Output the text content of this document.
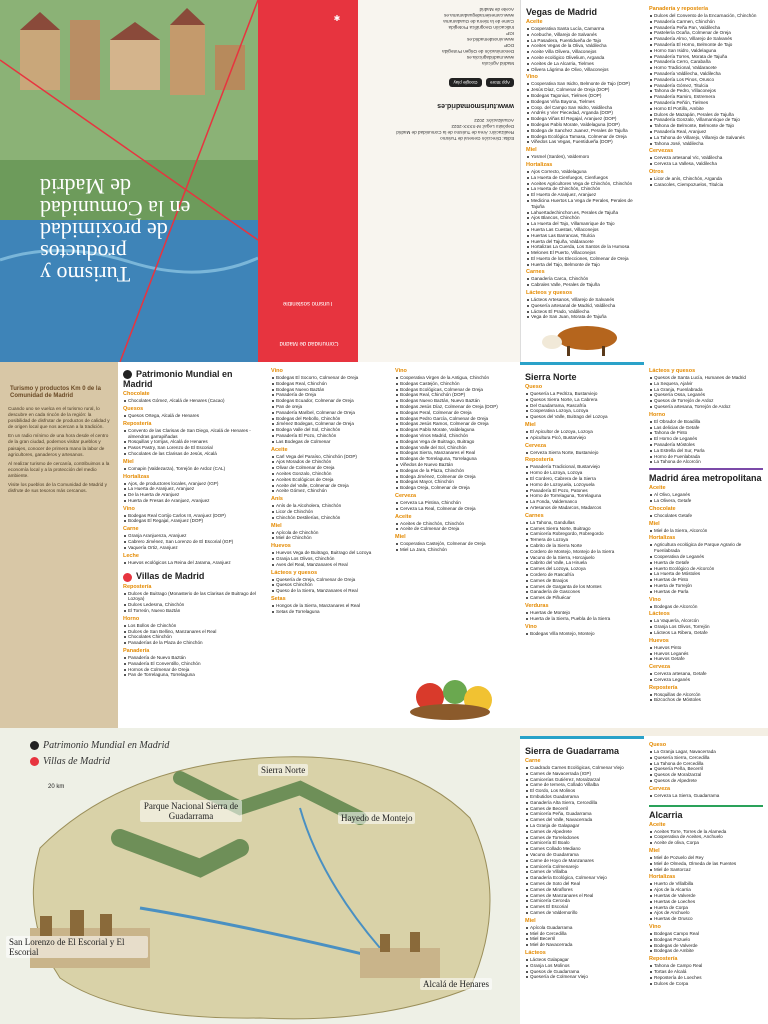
Turismo y
productos
de proximidad
en la Comunidad
de Madrid
✱
Turismo sostenible
Comunidad de Madrid
Edita: Dirección General de Turismo
Realización: Área de Turismo de la Comunidad de Madrid
Depósito Legal: M-XXXX-2022
Actualización: 2022
www.turismomadrid.es
App Store Google play
Madrid Agrícola
www.madridagricola.es
Denominación de Origen Protegida
DOP
www.vinosdemadrid.es
IGP
Indicación Geográfica Protegida
Carne de la Sierra de Guadarrama
www.carnesierradeguadarrama.es
Aceite de Madrid Vegas de Madrid
Aceite
Cooperativa Santa Lucía, Camarma
Acebuche, Villarejo de Salvanés
La Pasadera, Fuentidueña de Tajo
Aceites Vegas de la Oliva, Valdilecha
Aceite Villa Olivera, Villaconejos
Aceite ecológico Olivelium, Arganda
Aceites de La Alcarria, Tielmes
Olivera Lágrima de Olivo, Villaconejos
Vino
Cooperativa San Isidro, Belmonte de Tajo (DOP)
Jesús Díaz, Colmenar de Oreja (DOP)
Bodegas Tagonius, Tielmes (DOP)
Bodegas Viña Bayona, Tielmes
Coop. del Campo San Isidro, Valdilecha
Andrés y Vier Piecedad, Arganda (DOP)
Bodega Viñas El Regajal, Aranjuez (DOP)
Bodegas Pablo Morate, Valdelaguna (DOP)
Bodega de Sanchez Juanez, Perales de Tajuña
Bodega Ecológica Tamasa, Colmenar de Oreja
Viñedos Las Vegas, Fuentidueña (DOP)
Miel
Yosmel (Sardes), Valdemoro
Hortalizas
Ajos Correcto, Valdelaguna
La Huerta de Cienfuegos, Cienfuegos
Aceites Agricultores Vega de Chinchón, Chinchón
La Huerta de Chinchón, Chinchón
El Huerto de Aranjuez, Aranjuez
Medicina Huertos La Vega de Perales, Perales de Tajuña
Lahuertadechinchon.es, Perales de Tajuña
Ajos Blancos, Chinchón
La Huerta del Tajo, Villamanrique de Tajo
Huerta Las Cuestas, Villaconejos
Huertas Las Barrancas, Titulcia
Huerta del Tajuña, Valdaracete
Hortalizas La Cuerda, Los Santos de la Humosa
Melones El Puerto, Villaconejos
El Huerto de los Elecciones, Colmenar de Oreja
Huerta del Tajo, Belmonte de Tajo
Carnes
Ganadería Carca, Chinchón
Cabrales Valle, Perales de Tajuña
Lácteos y quesos
Lácteos Artesanos, Villarejo de Salvanés
Quesería artesanal de Madrid, Valdilecha
Lácteos El Prado, Valdilecha
Vega de San Juan, Morata de Tajuña
Panadería y repostería
Dulces del Convento de la Encarnación, Chinchón
Panadería Carmen, Chinchón
Panadería Peña Pan, Valdilecha
Pastelería Ocaña, Colmenar de Oreja
Panadería Almo, Villarejo de Salvanés
Panadería El Horno, Belmonte de Tajo
Horno San Isidro, Valdelaguna
Panadería Torres, Morata de Tajuña
Panadería Cerro, Carabaña
Horno Tradicional, Valdaracete
Panadería Valdilecha, Valdilecha
Panadería Los Pinos, Orusco
Panadería Gómez, Titulcia
Tahona de Pedro, Villaconejos
Panadería Ramiro, Estremera
Panadería Peñón, Tielmes
Horno El Portillo, Ambite
Dulces de Mazapán, Perales de Tajuña
Panadería Gonzalo, Villamanrique de Tajo
Tahona de Belmonte, Belmonte de Tajo
Panadería Real, Aranjuez
La Tahona de Villarejo, Villarejo de Salvanés
Tahona José, Valdilecha
Cervezas
Cerveza artesanal Vic, Valdilecha
Cerveza La Vallesa, Valdilecha
Otros
Licor de anís, Chinchón, Arganda
Caracoles, Ciempozuelos, Titulcia
Turismo y productos Km 0 de la Comunidad de Madrid
Cuando uno se vuelca en el turismo rural, lo descubre en cada rincón de la región: la posibilidad de disfrutar de productos de calidad y de origen local que nos acercan a la tradición.
En un radio mínimo de una hora desde el centro de la gran ciudad, podemos visitar pueblos y paisajes, conocer de primera mano la labor de agricultores, ganaderos y artesanos.
Al realizar turismo de cercanía, contribuimos a la economía local y a la protección del medio ambiente.
Visite los pueblos de la Comunidad de Madrid y disfrute de sus tesoros más cercanos.
Patrimonio Mundial en Madrid
Chocolate
Chocolates Gómez, Alcalá de Henares (Cacao)
Quesos
Quesos Ortega, Alcalá de Henares
Repostería
Convento de las Clarisas de San Diego, Alcalá de Henares - almendras garrapiñadas
Rosquillas y torrijas, Alcalá de Henares
Pasos Pastry, San Lorenzo de El Escorial
Chocolates de las Clarisas de Jesús, Alcalá
Miel
Comapin (Valdezarza), Torrejón de Ardoz (CAL)
Hortalizas
Ajos, de productores locales, Aranjuez (IGP)
La Huerta de Aranjuez, Aranjuez
De la Huerta de Aranjuez
Huerta de Fresas de Aranjuez, Aranjuez
Vino
Bodegas Real Cortijo Carlos III, Aranjuez (DOP)
Bodegas El Regajal, Aranjuez (DOP)
Carne
Granja Aranjuenza, Aranjuez
Cabrero Jiménez, San Lorenzo de El Escorial (IGP)
Vaquería Ortiz, Aranjuez
Leche
Huevos ecológicos La Reina del Jarama, Aranjuez
Villas de Madrid
Repostería
Dulces de Buitrago (Monasterio de las Clarisas de Buitrago del Lozoya)
Dulces Ledesma, Chinchón
El Torreón, Nuevo Baztán
Horno
Los Bollos de Chinchón
Dulces de San Bellino, Manzanares el Real
Chocolates Chinchón
Panaderías de la Plaza de Chinchón
Panadería
Panadería de Nuevo Baztán
Panadería El Conventillo, Chinchón
Hornos de Colmenar de Oreja
Pan de Torrelaguna, Torrelaguna
Vino
Bodegas El Socorro, Colmenar de Oreja
Bodegas Real, Chinchón
Bodegas Nuevo Baztán
Panadería de Oreja
Bodegas Ecuador, Colmenar de Oreja
Pan de oreja
Panadería Maribel, Colmenar de Oreja
Bodegas del Rebollo, Chinchón
Jiménez Bodegas, Colmenar de Oreja
Bodega Valle del Sol, Chinchón
Panadería El Pozo, Chinchón
Las Bodegas de Colmenar
Aceite
Carl Vega del Paraíso, Chinchón (DOP)
Ajos Morados de Chinchón
Olivar de Colmenar de Oreja
Aceites Gonzalo, Chinchón
Aceites Ecológicos de Oreja
Aceite del Valle, Colmenar de Oreja
Aceite Gómez, Chinchón
Anís
Anís de la Alcoholera, Chinchón
Licor de Chinchón
Chinchón Destilerías, Chinchón
Miel
Apícola de Chinchón
Miel de Chinchón
Huevos
Huevos Vega de Buitrago, Buitrago del Lozoya
Granja Los Olivos, Chinchón
Aves del Real, Manzanares el Real
Lácteos y quesos
Quesería de Oreja, Colmenar de Oreja
Quesos Chinchón
Queso de la Sierra, Manzanares el Real
Setas
Hongos de la Sierra, Manzanares el Real
Setas de Torrelaguna
Vino
Cooperativa Virgen de la Antigua, Chinchón
Bodegas Castejón, Chinchón
Bodegas Ecológicas, Colmenar de Oreja
Bodegas Real, Chinchón (DOP)
Bodegas Nuevo Baztán, Nuevo Baztán
Bodegas Jesús Díaz, Colmenar de Oreja (DOP)
Bodegas Peral, Colmenar de Oreja
Bodegas Pedro García, Colmenar de Oreja
Bodegas Jesús Ramos, Colmenar de Oreja
Bodegas Pablo Morate, Valdelaguna
Bodegas Vinos Madrid, Chinchón
Bodegas Vega de Buitrago, Buitrago
Bodegas Valle del Sol, Chinchón
Bodegas Sierra, Manzanares el Real
Bodegas de Torrelaguna, Torrelaguna
Viñedos de Nuevo Baztán
Bodegas de la Plaza, Chinchón
Bodega Jiménez, Colmenar de Oreja
Bodegas Mayor, Chinchón
Bodega Oreja, Colmenar de Oreja
Cerveza
Cerveza La Pintina, Chinchón
Cerveza La Real, Colmenar de Oreja
Aceite
Aceites de Chinchón, Chinchón
Aceite de Colmenar de Oreja
Miel
Cooperativa Castejón, Colmenar de Oreja
Miel La Jara, Chinchón
Sierra Norte
Queso
Quesería La Pedriza, Bustarviejo
Quesos Sierra Norte, La Cabrera
Del Guadarrama, Rascafría
Cooperativa Lozoya, Lozoya
Quesos del Valle, Buitrago del Lozoya
Miel
El Apicultor de Lozoya, Lozoya
Apicultura Picó, Bustarviejo
Cerveza
Cerveza Sierra Norte, Bustarviejo
Repostería
Panadería Tradicional, Bustarviejo
Horno de Lozoya, Lozoya
El Cordero, Cabrera de la Sierra
Horno de Lozoyuela, Lozoyuela
Panadería El Pozo, Patones
Horno de Torrelaguna, Torrelaguna
La Fonda, Valdemanco
Artesanos de Madarcos, Madarcos
Carnes
La Tahona, Gandullas
Carnes Sierra Norte, Buitrago
Carnicería Robregordo, Robregordo
Ternera de Lozoya
Cabrito de la Sierra Norte
Cordero de Montejo, Montejo de la Sierra
Vacuno de la Sierra, Horcajuelo
Cabrito del Valle, La Hiruela
Carnes del Lozoya, Lozoya
Cordero de Rascafría
Carnes de Braojos
Carnes de Garganta de los Montes
Ganadería de Gascones
Carnes de Piñuécar
Verduras
Huertas de Montejo
Huerta de la Sierra, Puebla de la Sierra
Vino
Bodegas Villa Montejo, Montejo
Lácteos y quesos
Quesos de Santa Lucía, Humanes de Madrid
La Sequera, Ajalvir
La Granja, Fuenlabrada
Quesería Ossa, Leganés
Quesos de Torrejón de Ardoz
Quesería artesana, Torrejón de Ardoz
Horno
El Obrador de Boadilla
Las delicias de Getafe
Tahona de Pinto
El Horno de Leganés
Panadería Móstoles
La Estrella del Sur, Parla
Horno de Fuenlabrada
La Tahona de Alcorcón
Madrid área metropolitana
Aceite
Al Olivo, Leganés
La Olivera, Getafe
Chocolate
Chocolates Getafe
Miel
Miel de la Sierra, Alcorcón
Hortalizas
Agricultura ecológica de Parque Agrario de Fuenlabrada
Cooperativa de Leganés
Huerta de Getafe
Huerto Ecológico de Alcorcón
La Huerta de Móstoles
Huertas de Pinto
Huerta de Torrejón
Huertas de Parla
Vino
Bodegas de Alcorcón
Lácteos
La Vaquería, Alcorcón
Granja Los Olivos, Torrejón
Lácteos La Ribera, Getafe
Huevos
Huevos Pinto
Huevos Leganés
Huevos Getafe
Cerveza
Cerveza artesana, Getafe
Cerveza Leganés
Repostería
Rosquillas de Alcorcón
Bizcochos de Móstoles
Patrimonio Mundial en Madrid
Villas de Madrid
20 km
Sierra Norte
Hayedo de Montejo
Parque Nacional Sierra de Guadarrama
San Lorenzo de El Escorial y El Escorial
Alcalá de Henares
Sierra de Guadarrama
Carne
Cuadrado Carnes Ecológicas, Colmenar Viejo
Carnes de Navacerrada (IGP)
Carnicerías Gutiérrez, Moralzarzal
Carne de ternera, Collado Villalba
El Gordo, Los Molinos
Embutidos Guadarrama
Ganadería Alta Sierra, Cercedilla
Carnes de Becerril
Carnicería Peña, Guadarrama
Carnes del Valle, Navacerrada
La Granja de Galapagar
Carnes de Alpedrete
Carnes de Torrelodones
Carnicería El Boalo
Carnes Collado Mediano
Vacuno de Guadarrama
Carne de Hoyo de Manzanares
Carnicería Colmenarejo
Carnes de Villalba
Ganadería Ecológica, Colmenar Viejo
Carnes de Soto del Real
Carnes de Miraflores
Carnes de Manzanares el Real
Carnicería Cerceda
Carnes El Escorial
Carnes de Valdemorillo
Miel
Apícola Guadarrama
Miel de Cercedilla
Miel Becerril
Miel de Navacerrada
Lácteos
Lácteos Galapagar
Granja Los Molinos
Quesos de Guadarrama
Quesería de Colmenar Viejo
Queso
La Granja Lagar, Navacerrada
Quesería Sierra, Cercedilla
La Tahona de Cercedilla
Quesería Peña, Becerril
Quesos de Moralzarzal
Quesos de Alpedrete
Cerveza
Cerveza La Sierra, Guadarrama
Alcarria
Aceite
Aceites Torre, Torres de la Alameda
Cooperativa de Aceites, Anchuelo
Aceite de oliva, Corpa
Miel
Miel de Pozuelo del Rey
Miel de Olmeda, Olmeda de las Fuentes
Miel de Santorcaz
Hortalizas
Huerto de Villalbilla
Ajos de la Alcarria
Huertas de Valverde
Huertas de Loeches
Huerta de Corpa
Ajos de Anchuelo
Huertas de Orusco
Vino
Bodegas Campo Real
Bodegas Pozuelo
Bodegas de Valverde
Bodegas de Ambite
Repostería
Tahona de Campo Real
Tortas de Alcalá
Repostería de Loeches
Dulces de Corpa
